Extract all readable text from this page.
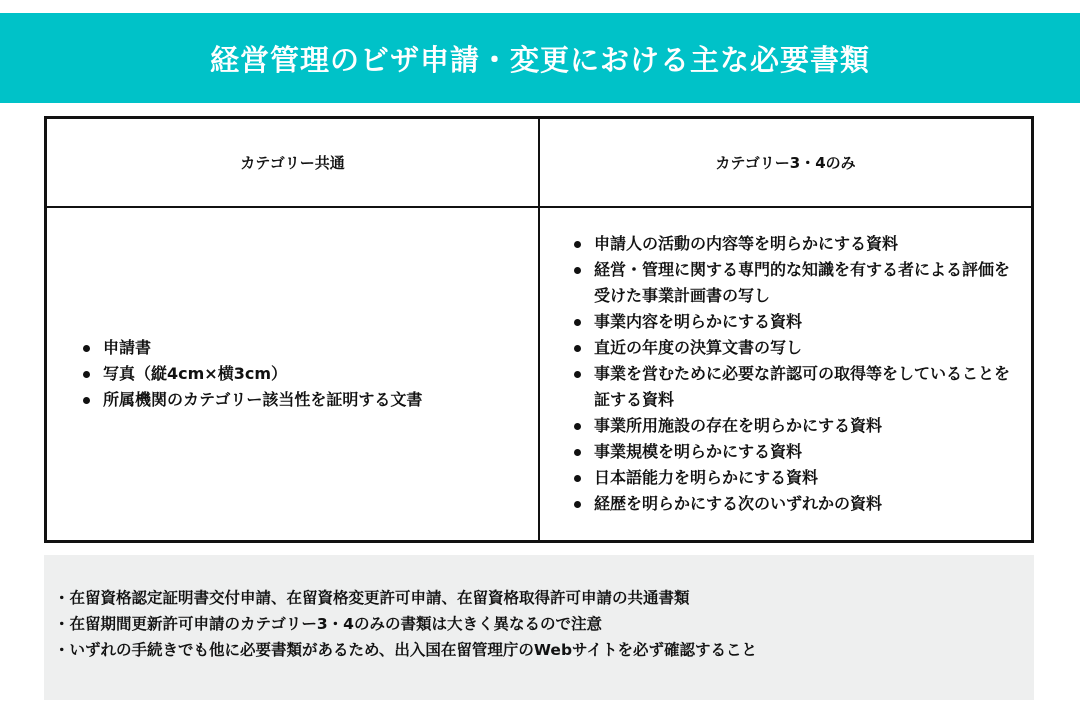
経営管理のビザ申請・変更における主な必要書類
カテゴリー共通	カテゴリー3・4のみ
申請書
写真（縦4cm×横3cm）
所属機関のカテゴリー該当性を証明する文書
申請人の活動の内容等を明らかにする資料
経営・管理に関する専門的な知識を有する者による評価を受けた事業計画書の写し
事業内容を明らかにする資料
直近の年度の決算文書の写し
事業を営むために必要な許認可の取得等をしていることを証する資料
事業所用施設の存在を明らかにする資料
事業規模を明らかにする資料
日本語能力を明らかにする資料
経歴を明らかにする次のいずれかの資料

・在留資格認定証明書交付申請、在留資格変更許可申請、在留資格取得許可申請の共通書類

・在留期間更新許可申請のカテゴリー3・4のみの書類は大きく異なるので注意

・いずれの手続きでも他に必要書類があるため、出入国在留管理庁のWebサイトを必ず確認すること
